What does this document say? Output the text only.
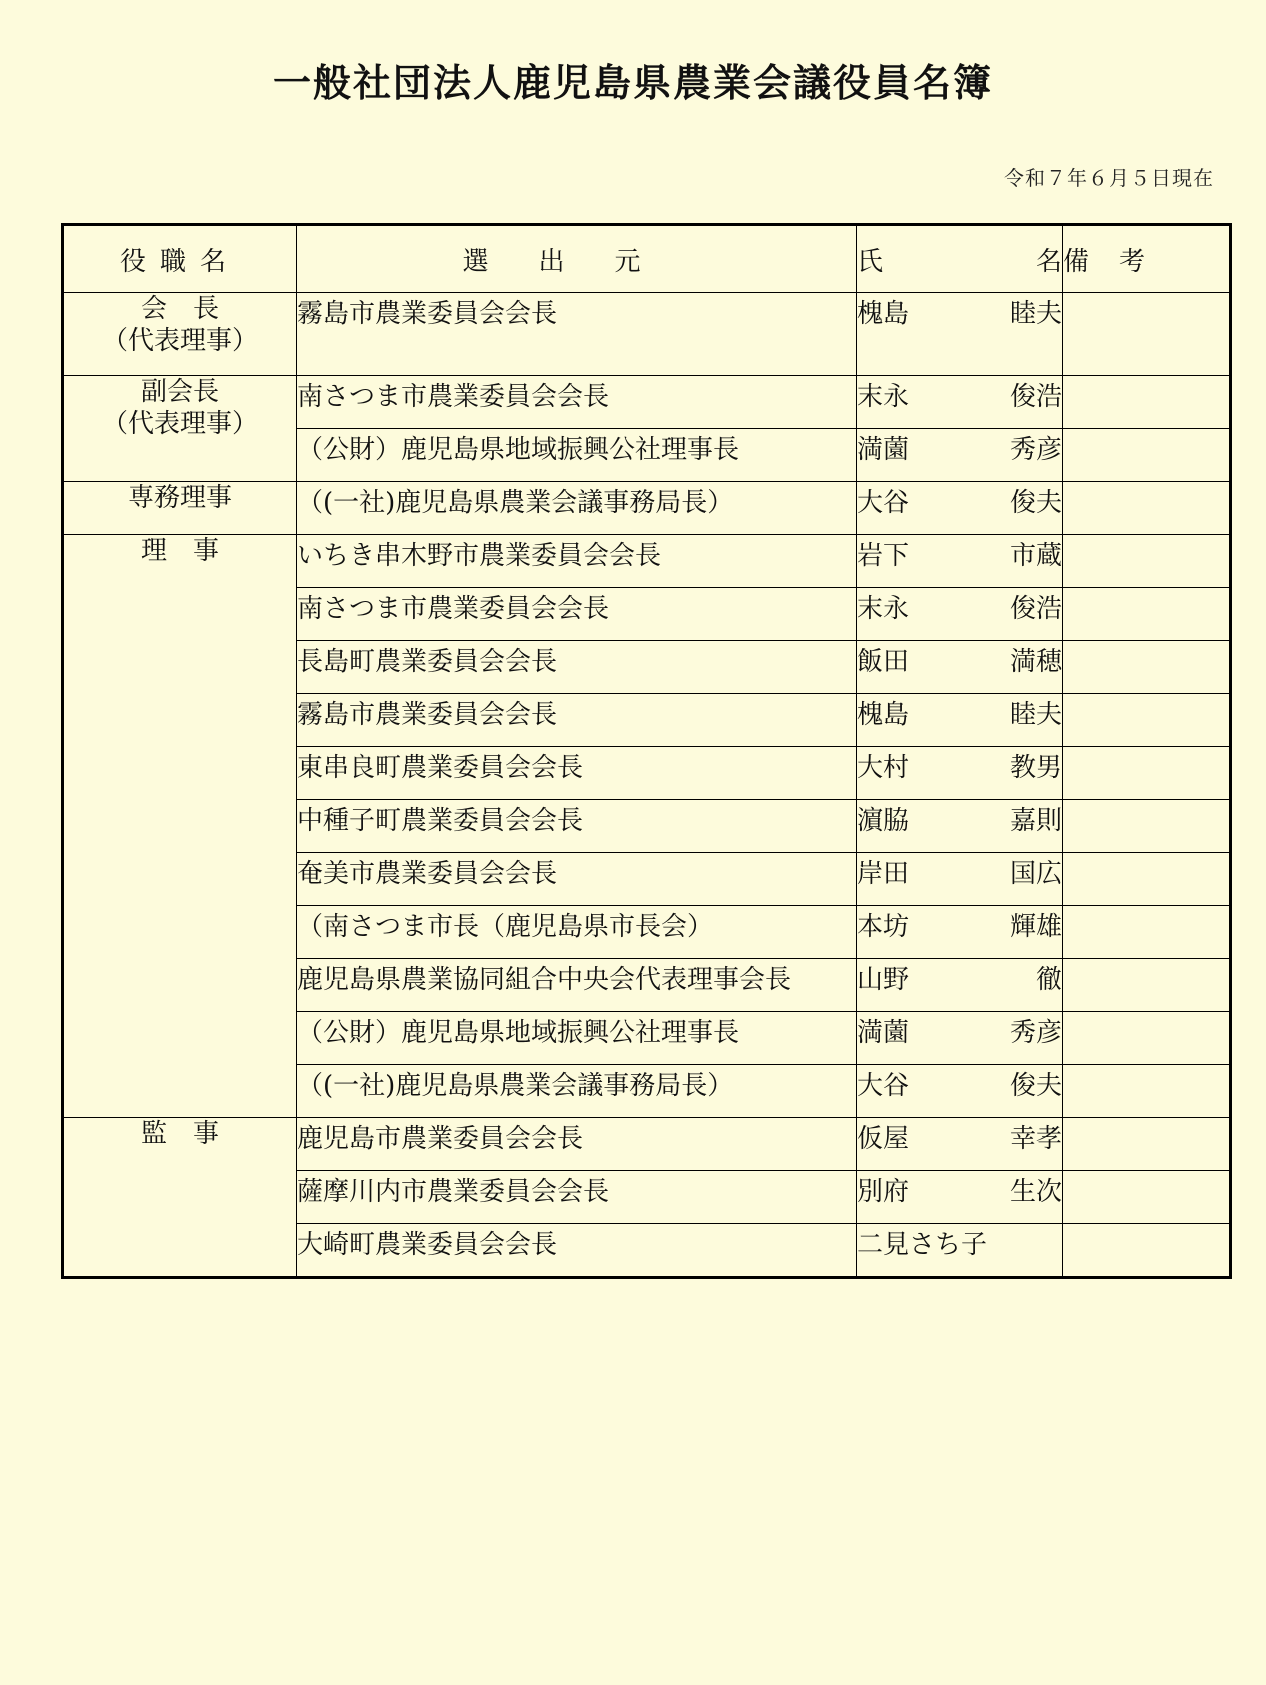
一般社団法人鹿児島県農業会議役員名簿
令和７年６月５日現在
役職名	選出元	氏名	備考

会　長
（代表理事）	霧島市農業委員会会長	槐島 睦夫	

副会長
（代表理事）	南さつま市農業委員会会長	末永 俊浩	

	（公財）鹿児島県地域振興公社理事長	満薗 秀彦	

専務理事	（(一社)鹿児島県農業会議事務局長）	大谷 俊夫	

理　事	いちき串木野市農業委員会会長	岩下 市蔵	

	南さつま市農業委員会会長	末永 俊浩	

	長島町農業委員会会長	飯田 満穂	

	霧島市農業委員会会長	槐島 睦夫	

	東串良町農業委員会会長	大村 教男	

	中種子町農業委員会会長	濵脇 嘉則	

	奄美市農業委員会会長	岸田 国広	

	（南さつま市長（鹿児島県市長会）	本坊 輝雄	

	鹿児島県農業協同組合中央会代表理事会長	山野 徹	

	（公財）鹿児島県地域振興公社理事長	満薗 秀彦	

	（(一社)鹿児島県農業会議事務局長）	大谷 俊夫	

監　事	鹿児島市農業委員会会長	仮屋 幸孝	

	薩摩川内市農業委員会会長	別府 生次	

	大崎町農業委員会会長	二見さち子	
